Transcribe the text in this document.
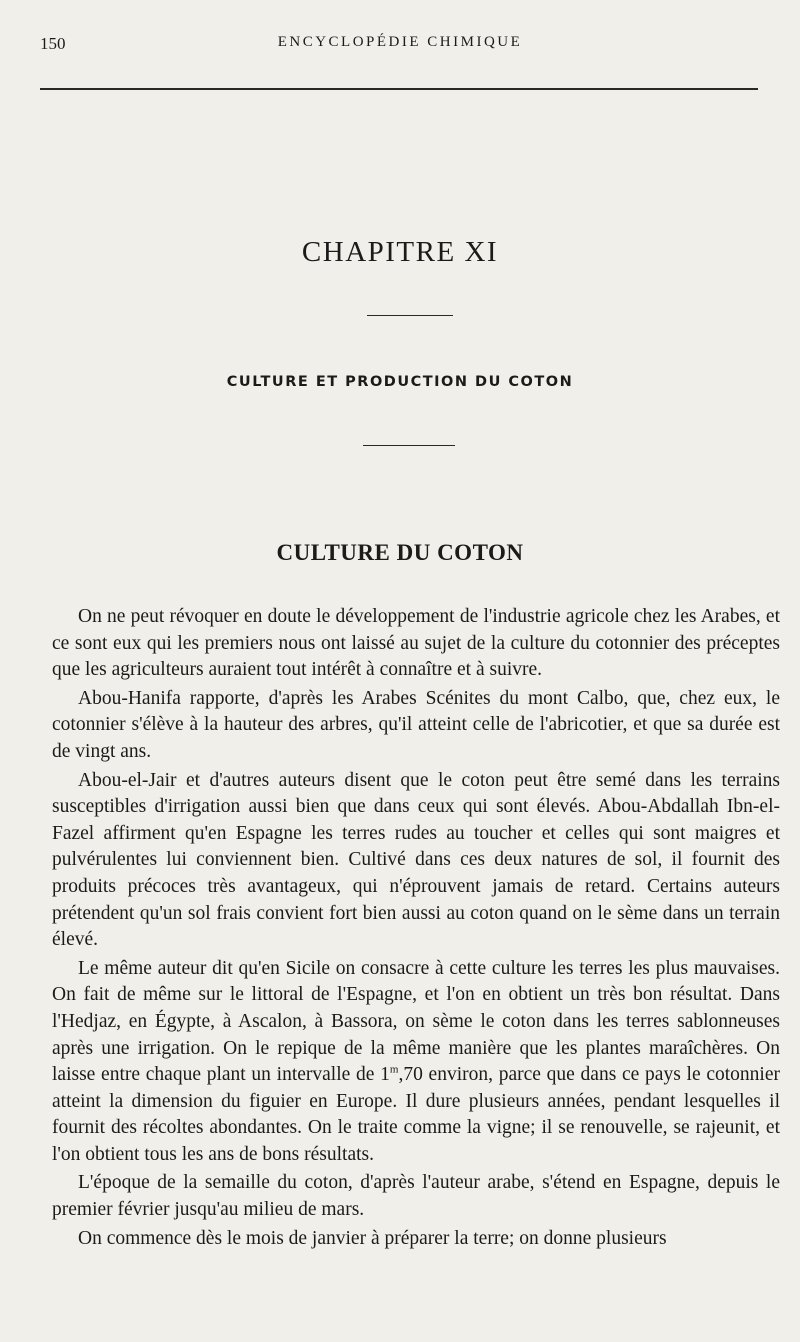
150	ENCYCLOPÉDIE CHIMIQUE
CHAPITRE XI
CULTURE ET PRODUCTION DU COTON
CULTURE DU COTON

On ne peut révoquer en doute le développement de l'industrie agricole chez les Arabes, et ce sont eux qui les premiers nous ont laissé au sujet de la culture du cotonnier des préceptes que les agriculteurs auraient tout intérêt à connaître et à suivre.

Abou-Hanifa rapporte, d'après les Arabes Scénites du mont Calbo, que, chez eux, le cotonnier s'élève à la hauteur des arbres, qu'il atteint celle de l'abricotier, et que sa durée est de vingt ans.

Abou-el-Jair et d'autres auteurs disent que le coton peut être semé dans les terrains susceptibles d'irrigation aussi bien que dans ceux qui sont élevés. Abou-Abdallah Ibn-el-Fazel affirment qu'en Espagne les terres rudes au toucher et celles qui sont maigres et pulvérulentes lui conviennent bien. Cultivé dans ces deux natures de sol, il fournit des produits précoces très avantageux, qui n'éprouvent jamais de retard. Certains auteurs prétendent qu'un sol frais convient fort bien aussi au coton quand on le sème dans un terrain élevé.

Le même auteur dit qu'en Sicile on consacre à cette culture les terres les plus mauvaises. On fait de même sur le littoral de l'Espagne, et l'on en obtient un très bon résultat. Dans l'Hedjaz, en Égypte, à Ascalon, à Bassora, on sème le coton dans les terres sablonneuses après une irrigation. On le repique de la même manière que les plantes maraîchères. On laisse entre chaque plant un intervalle de 1$^m$,70 environ, parce que dans ce pays le cotonnier atteint la dimension du figuier en Europe. Il dure plusieurs années, pendant lesquelles il fournit des récoltes abondantes. On le traite comme la vigne; il se renouvelle, se rajeunit, et l'on obtient tous les ans de bons résultats.

L'époque de la semaille du coton, d'après l'auteur arabe, s'étend en Espagne, depuis le premier février jusqu'au milieu de mars.

On commence dès le mois de janvier à préparer la terre; on donne plusieurs
